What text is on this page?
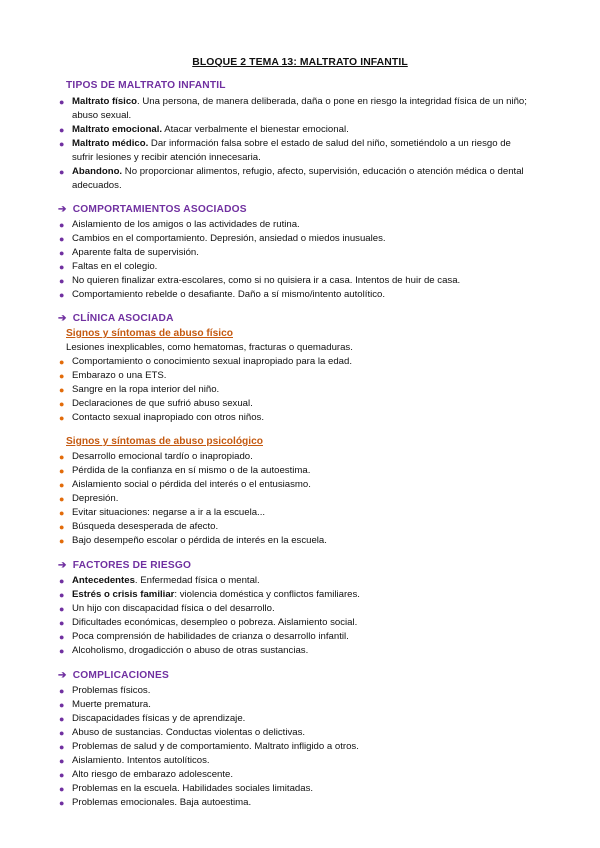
BLOQUE 2 TEMA 13: MALTRATO INFANTIL
TIPOS DE MALTRATO INFANTIL
● Maltrato físico. Una persona, de manera deliberada, daña o pone en riesgo la integridad física de un niño; abuso sexual.
● Maltrato emocional. Atacar verbalmente el bienestar emocional.
● Maltrato médico. Dar información falsa sobre el estado de salud del niño, sometiéndolo a un riesgo de sufrir lesiones y recibir atención innecesaria.
● Abandono. No proporcionar alimentos, refugio, afecto, supervisión, educación o atención médica o dental adecuados.
➔ COMPORTAMIENTOS ASOCIADOS
● Aislamiento de los amigos o las actividades de rutina.
● Cambios en el comportamiento. Depresión, ansiedad o miedos inusuales.
● Aparente falta de supervisión.
● Faltas en el colegio.
● No quieren finalizar extra-escolares, como si no quisiera ir a casa. Intentos de huir de casa.
● Comportamiento rebelde o desafiante. Daño a sí mismo/intento autolítico.
➔ CLÍNICA ASOCIADA
Signos y síntomas de abuso físico
Lesiones inexplicables, como hematomas, fracturas o quemaduras.
● Comportamiento o conocimiento sexual inapropiado para la edad.
● Embarazo o una ETS.
● Sangre en la ropa interior del niño.
● Declaraciones de que sufrió abuso sexual.
● Contacto sexual inapropiado con otros niños.
Signos y síntomas de abuso psicológico
● Desarrollo emocional tardío o inapropiado.
● Pérdida de la confianza en sí mismo o de la autoestima.
● Aislamiento social o pérdida del interés o el entusiasmo.
● Depresión.
● Evitar situaciones: negarse a ir a la escuela...
● Búsqueda desesperada de afecto.
● Bajo desempeño escolar o pérdida de interés en la escuela.
➔ FACTORES DE RIESGO
● Antecedentes. Enfermedad física o mental.
● Estrés o crisis familiar: violencia doméstica y conflictos familiares.
● Un hijo con discapacidad física o del desarrollo.
● Dificultades económicas, desempleo o pobreza. Aislamiento social.
● Poca comprensión de habilidades de crianza o desarrollo infantil.
● Alcoholismo, drogadicción o abuso de otras sustancias.
➔ COMPLICACIONES
● Problemas físicos.
● Muerte prematura.
● Discapacidades físicas y de aprendizaje.
● Abuso de sustancias. Conductas violentas o delictivas.
● Problemas de salud y de comportamiento. Maltrato infligido a otros.
● Aislamiento. Intentos autolíticos.
● Alto riesgo de embarazo adolescente.
● Problemas en la escuela. Habilidades sociales limitadas.
● Problemas emocionales. Baja autoestima.
